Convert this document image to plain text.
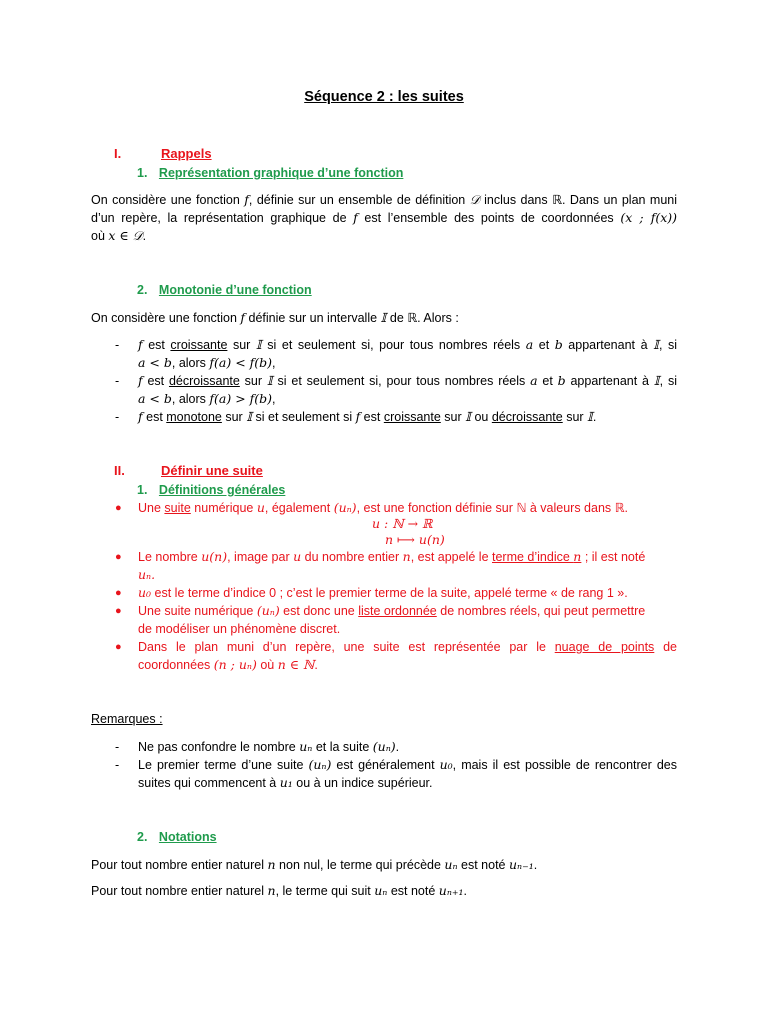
Séquence 2 : les suites
I.	Rappels
1. Représentation graphique d’une fonction
On considère une fonction 𝑓, définie sur un ensemble de définition 𝒟 inclus dans ℝ. Dans un plan muni
d’un repère, la représentation graphique de 𝑓 est l’ensemble des points de coordonnées (𝑥 ; 𝑓(𝑥))
où 𝑥 ∈ 𝒟.
2. Monotonie d’une fonction
On considère une fonction 𝑓 définie sur un intervalle 𝕀 de ℝ. Alors :
- 𝑓 est croissante sur 𝕀 si et seulement si, pour tous nombres réels 𝑎 et 𝑏 appartenant à 𝕀, si
𝑎 < 𝑏, alors 𝑓(𝑎) < 𝑓(𝑏),
- 𝑓 est décroissante sur 𝕀 si et seulement si, pour tous nombres réels 𝑎 et 𝑏 appartenant à 𝕀, si
𝑎 < 𝑏, alors 𝑓(𝑎) > 𝑓(𝑏),
- 𝑓 est monotone sur 𝕀 si et seulement si 𝑓 est croissante sur 𝕀 ou décroissante sur 𝕀.
II.	Définir une suite
1. Définitions générales
● Une suite numérique 𝑢, également (𝑢ₙ), est une fonction définie sur ℕ à valeurs dans ℝ.
𝑢 : ℕ → ℝ
𝑛 ⟼ 𝑢(𝑛)
● Le nombre 𝑢(𝑛), image par 𝑢 du nombre entier 𝑛, est appelé le terme d’indice 𝑛 ; il est noté
𝑢ₙ.
● 𝑢₀ est le terme d’indice 0 ; c’est le premier terme de la suite, appelé terme « de rang 1 ».
● Une suite numérique (𝑢ₙ) est donc une liste ordonnée de nombres réels, qui peut permettre
de modéliser un phénomène discret.
● Dans le plan muni d’un repère, une suite est représentée par le nuage de points de
coordonnées (𝑛 ; 𝑢ₙ) où 𝑛 ∈ ℕ.
Remarques :
- Ne pas confondre le nombre 𝑢ₙ et la suite (𝑢ₙ).
- Le premier terme d’une suite (𝑢ₙ) est généralement 𝑢₀, mais il est possible de rencontrer des
suites qui commencent à 𝑢₁ ou à un indice supérieur.
2. Notations
Pour tout nombre entier naturel 𝑛 non nul, le terme qui précède 𝑢ₙ est noté 𝑢ₙ₋₁.
Pour tout nombre entier naturel 𝑛, le terme qui suit 𝑢ₙ est noté 𝑢ₙ₊₁.
